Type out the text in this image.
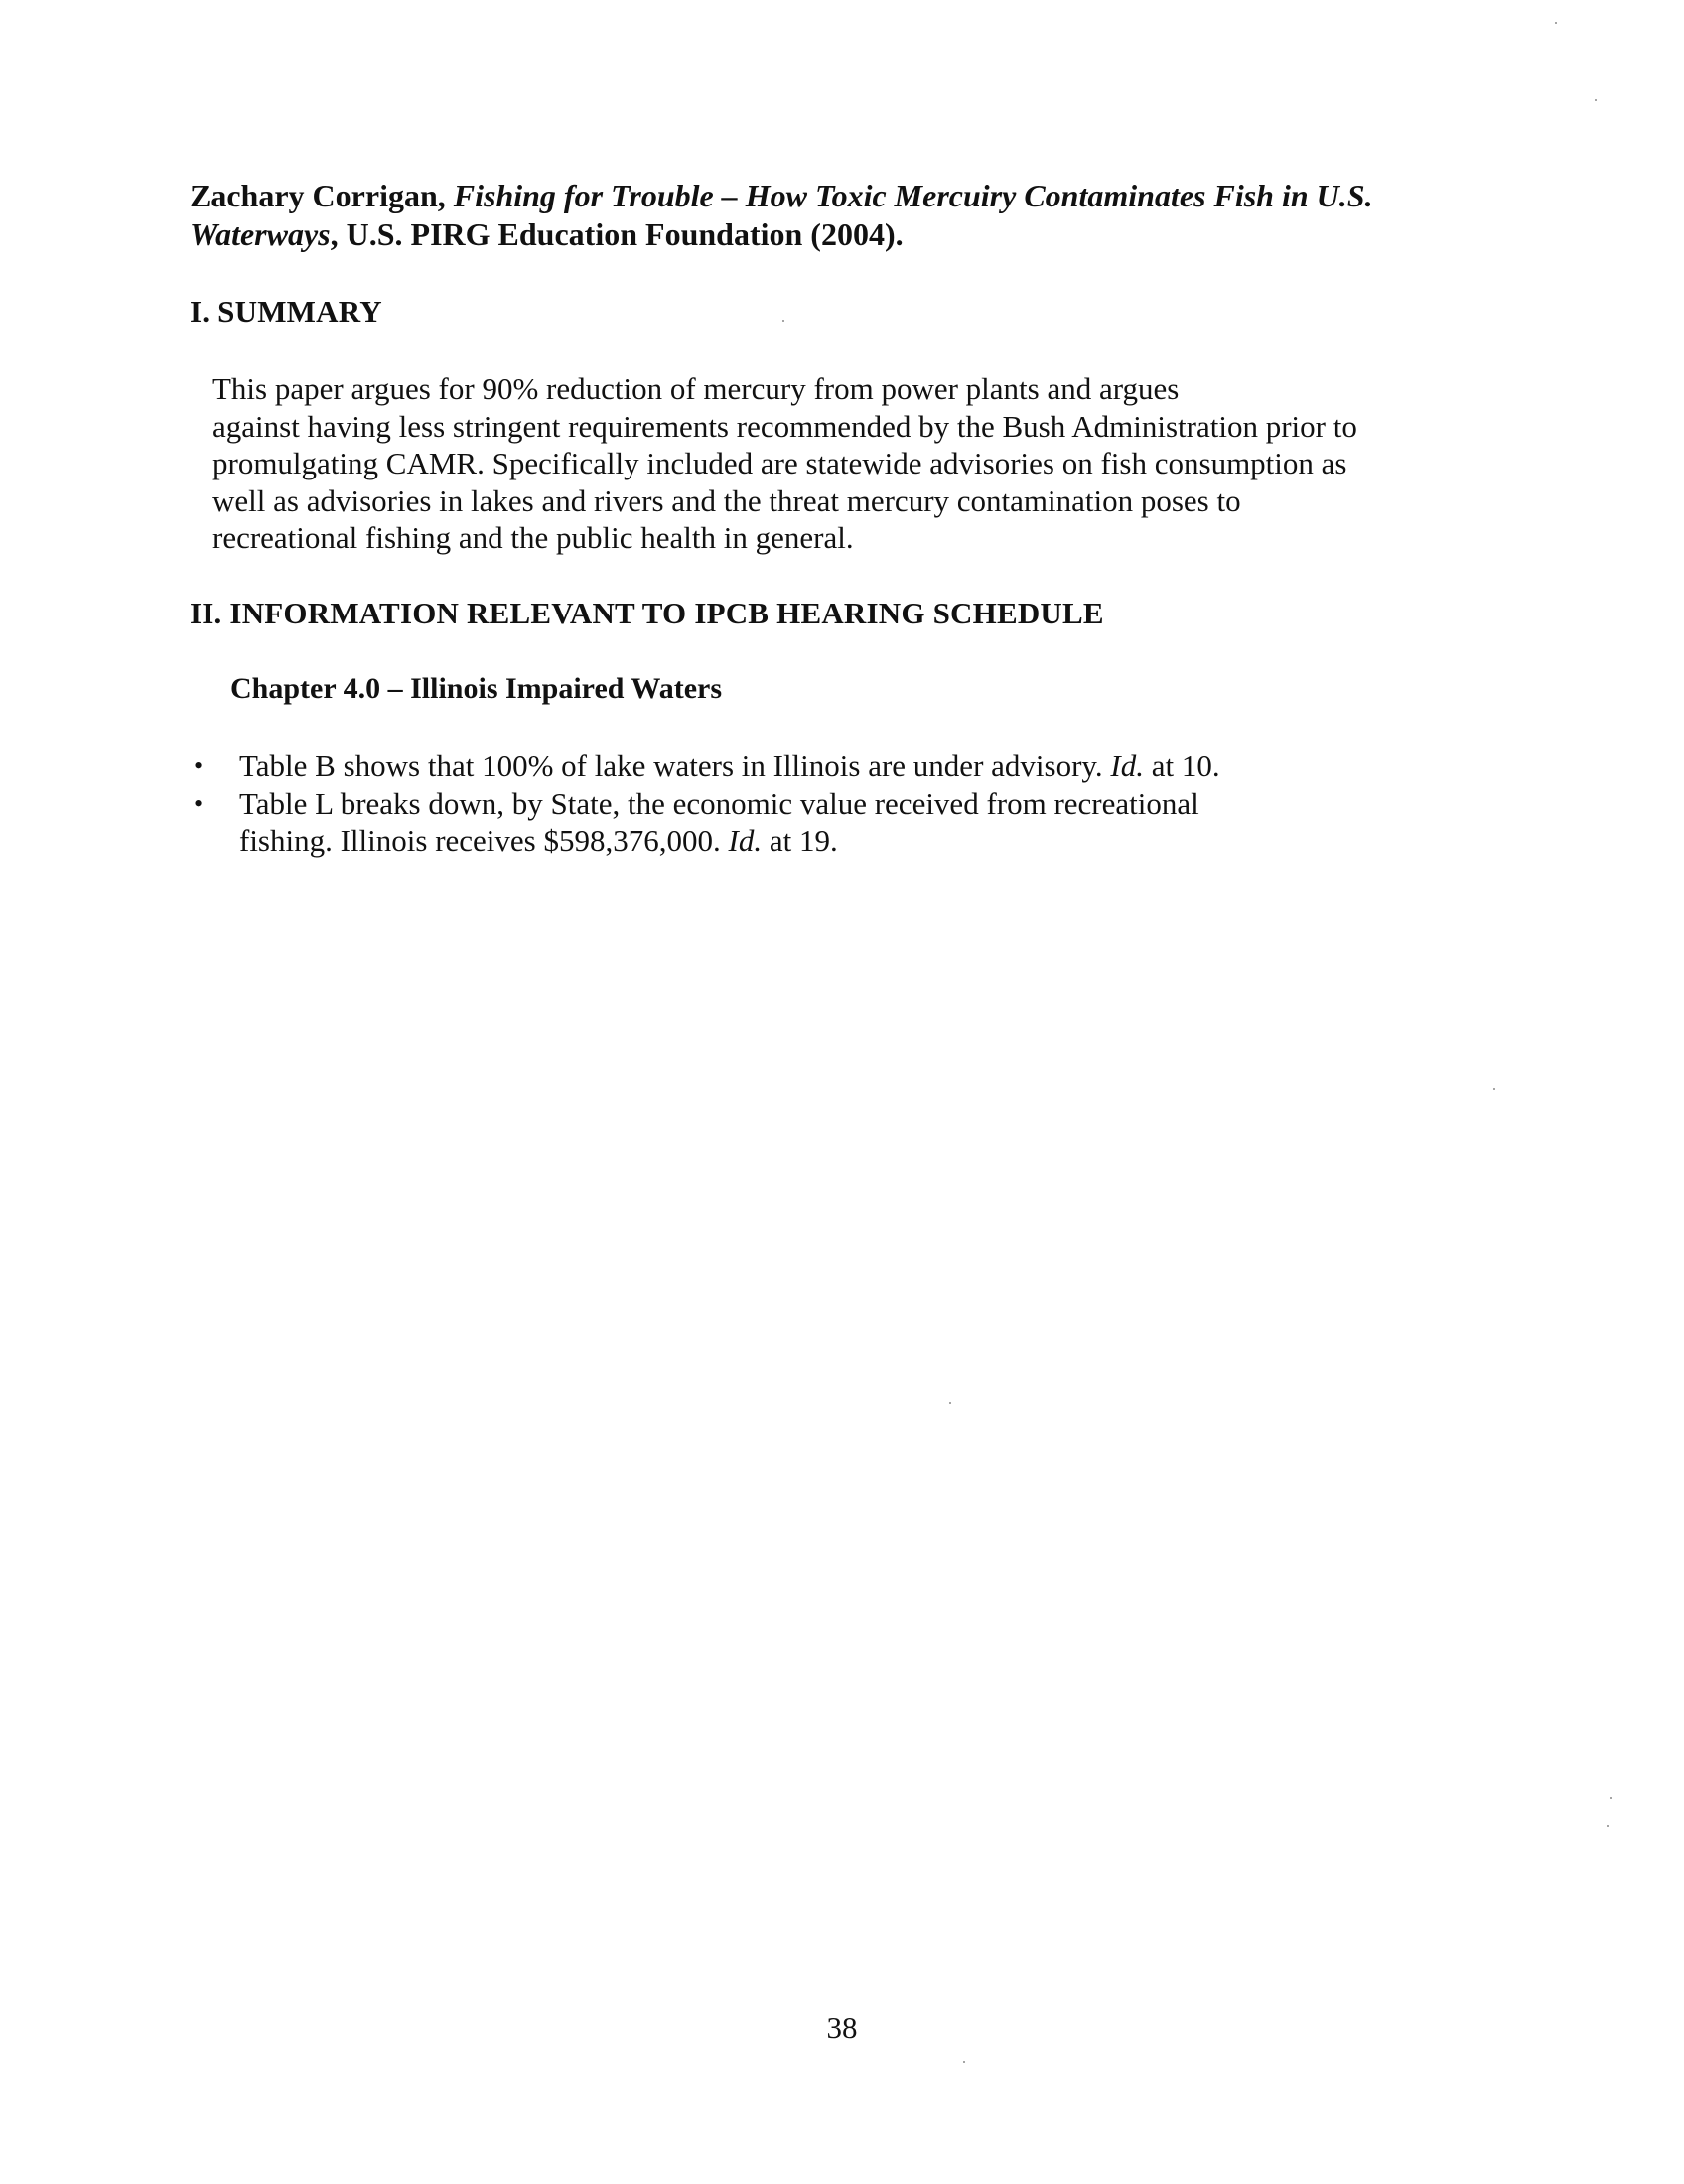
Zachary Corrigan, Fishing for Trouble – How Toxic Mercuiry Contaminates Fish in U.S. Waterways, U.S. PIRG Education Foundation (2004).

I. SUMMARY

This paper argues for 90% reduction of mercury from power plants and argues
against having less stringent requirements recommended by the Bush Administration prior to
promulgating CAMR. Specifically included are statewide advisories on fish consumption as
well as advisories in lakes and rivers and the threat mercury contamination poses to
recreational fishing and the public health in general.

II. INFORMATION RELEVANT TO IPCB HEARING SCHEDULE
Chapter 4.0 – Illinois Impaired Waters
• Table B shows that 100% of lake waters in Illinois are under advisory. Id. at 10.
• Table L breaks down, by State, the economic value received from recreational
fishing. Illinois receives $598,376,000. Id. at 19.

38
